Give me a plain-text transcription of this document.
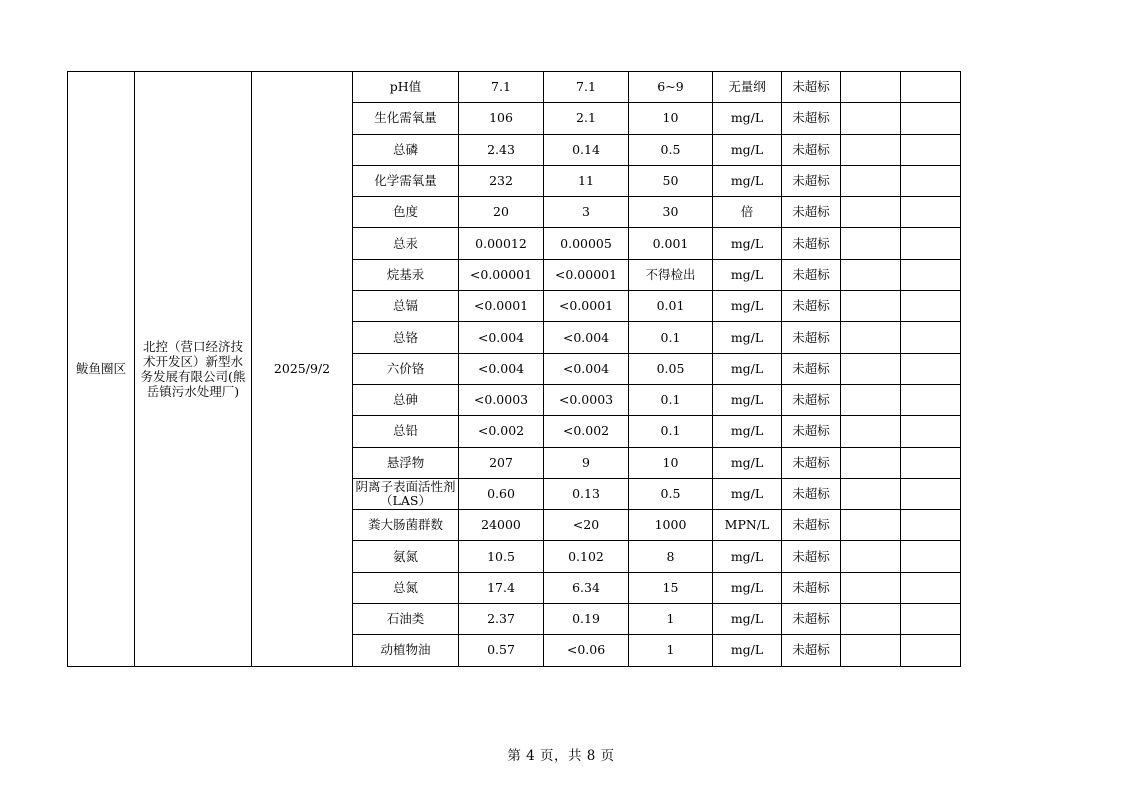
鲅鱼圈区	北控（营口经济技术开发区）新型水务发展有限公司(熊岳镇污水处理厂)	2025/9/2	pH值	7.1	7.1	6~9	无量纲	未超标		
			生化需氧量	106	2.1	10	mg/L	未超标		
			总磷	2.43	0.14	0.5	mg/L	未超标		
			化学需氧量	232	11	50	mg/L	未超标		
			色度	20	3	30	倍	未超标		
			总汞	0.00012	0.00005	0.001	mg/L	未超标		
			烷基汞	<0.00001	<0.00001	不得检出	mg/L	未超标		
			总镉	<0.0001	<0.0001	0.01	mg/L	未超标		
			总铬	<0.004	<0.004	0.1	mg/L	未超标		
			六价铬	<0.004	<0.004	0.05	mg/L	未超标		
			总砷	<0.0003	<0.0003	0.1	mg/L	未超标		
			总铅	<0.002	<0.002	0.1	mg/L	未超标		
			悬浮物	207	9	10	mg/L	未超标		
			阴离子表面活性剂（LAS）	0.60	0.13	0.5	mg/L	未超标		
			粪大肠菌群数	24000	<20	1000	MPN/L	未超标		
			氨氮	10.5	0.102	8	mg/L	未超标		
			总氮	17.4	6.34	15	mg/L	未超标		
			石油类	2.37	0.19	1	mg/L	未超标		
			动植物油	0.57	<0.06	1	mg/L	未超标		
第 4 页，共 8 页
